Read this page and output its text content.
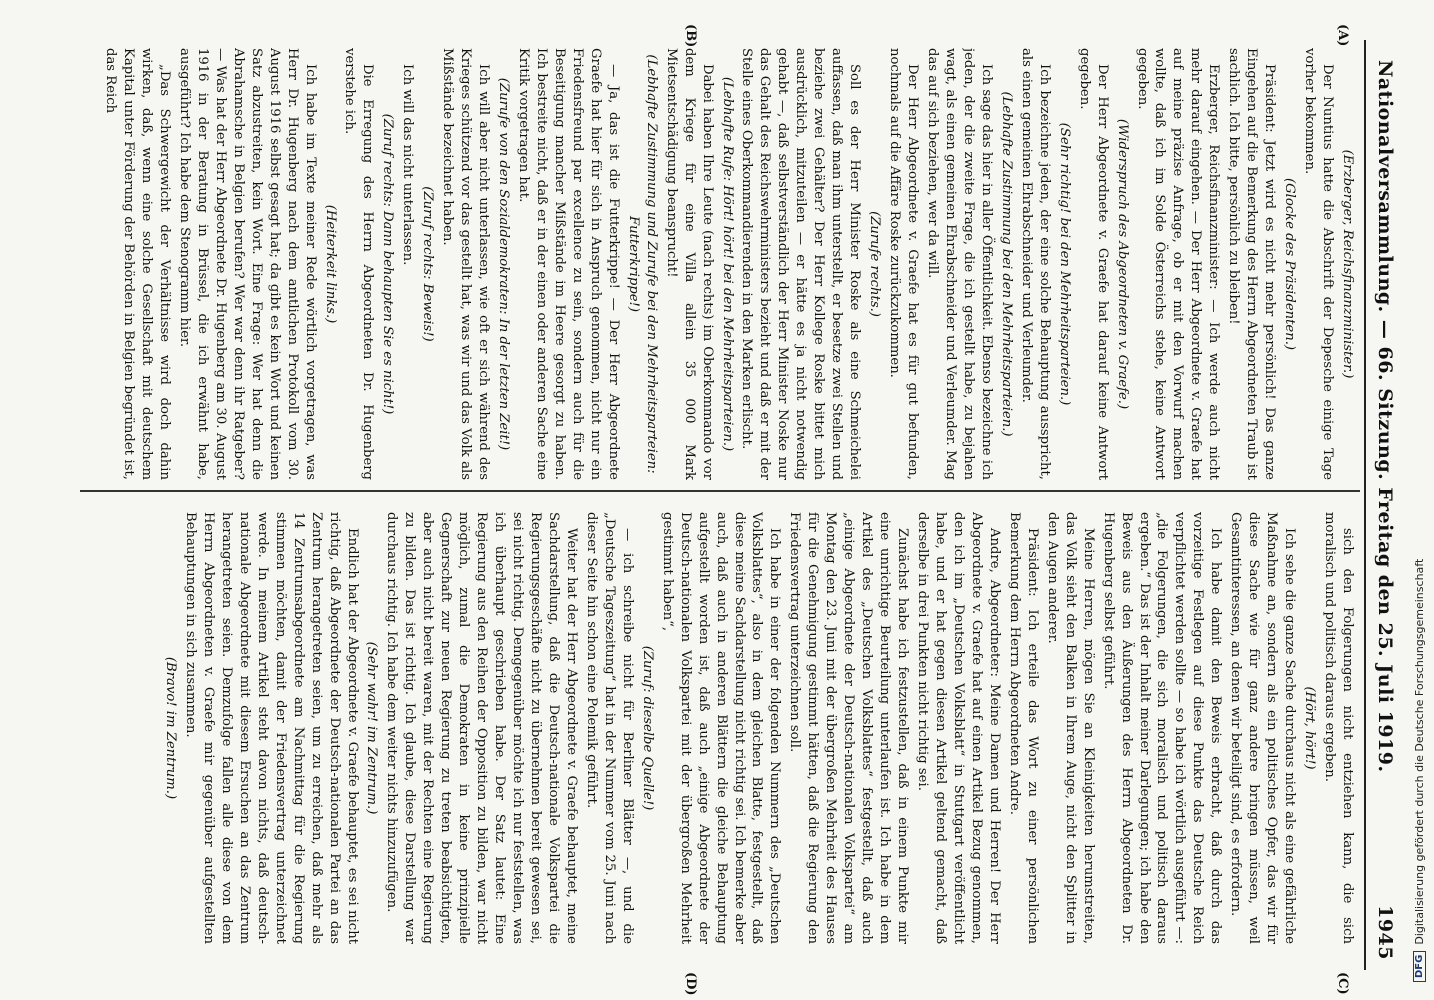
Nationalversammlung. — 66. Sitzung. Freitag den 25. Juli 1919.
1945
(A)
(B)
(C)
(D)

(Erzberger, Reichsfinanzminister.)

Der Nuntius hatte die Abschrift der Depesche einige Tage vorher bekommen.

(Glocke des Präsidenten.)

Präsident: Jetzt wird es nicht mehr persönlich! Das ganze Eingehen auf die Bemerkung des Herrn Abgeordneten Traub ist sachlich. Ich bitte, persönlich zu bleiben!

Erzberger, Reichsfinanzminister: — Ich werde auch nicht mehr darauf eingehen. — Der Herr Abgeordnete v. Graefe hat auf meine präzise Anfrage, ob er mit den Vorwurf machen wollte, daß ich im Solde Österreichs stehe, keine Antwort gegeben.

(Widerspruch des Abgeordneten v. Graefe.)

Der Herr Abgeordnete v. Graefe hat darauf keine Antwort gegeben.

(Sehr richtig! bei den Mehrheitsparteien.)

Ich bezeichne jeden, der eine solche Behauptung ausspricht, als einen gemeinen Ehrabschneider und Verleumder.

(Lebhafte Zustimmung bei den Mehrheitsparteien.)

Ich sage das hier in aller Öffentlichkeit. Ebenso bezeichne ich jeden, der die zweite Frage, die ich gestellt habe, zu bejahen wagt, als einen gemeinen Ehrabschneider und Verleumder. Mag das auf sich beziehen, wer da will.

Der Herr Abgeordnete v. Graefe hat es für gut befunden, nochmals auf die Affäre Roske zurückzukommen.

(Zurufe rechts.)

Soll es der Herr Minister Roske als eine Schmeichelei auffassen, daß man ihm unterstellt, er besetze zwei Stellen und beziehe zwei Gehälter? Der Herr Kollege Roske bittet mich ausdrücklich, mitzuteilen — er hätte es ja nicht notwendig gehabt —, daß selbstverständlich der Herr Minister Noske nur das Gehalt des Reichswehrministers bezieht und daß er mit der Stelle eines Oberkommandierenden in den Marken erlischt.

(Lebhafte Rufe: Hört! hört! bei den Mehrheitsparteien.)

Dabei haben Ihre Leute (nach rechts) im Oberkommando vor dem Kriege für eine Villa allein 35 000 Mark Mietsentschädigung beansprucht!

(Lebhafte Zustimmung und Zurufe bei den Mehrheitsparteien: Futterkrippe!)

— Ja, das ist die Futterkrippe! — Der Herr Abgeordnete Graefe hat hier für sich in Anspruch genommen, nicht nur ein Friedensfreund par excellence zu sein, sondern auch für die Beseitigung mancher Mißstände im Heere gesorgt zu haben. Ich bestreite nicht, daß er in der einen oder anderen Sache eine Kritik vorgetragen hat.

(Zurufe von den Sozialdemokraten: In der letzten Zeit!)

Ich will aber nicht unterlassen, wie oft er sich während des Krieges schützend vor das gestellt hat, was wir und das Volk als Mißstände bezeichnet haben.

(Zuruf rechts: Beweis!)

Ich will das nicht unterlassen.

(Zuruf rechts: Dann behaupten Sie es nicht!)

Die Erregung des Herrn Abgeordneten Dr. Hugenberg verstehe ich.

(Heiterkeit links.)

Ich habe im Texte meiner Rede wörtlich vorgetragen, was Herr Dr. Hugenberg nach dem amtlichen Protokoll vom 30. August 1916 selbst gesagt hat; da gibt es kein Wort und keinen Satz abzustreiten, kein Wort. Eine Frage: Wer hat denn die Abrahamsche in Belgien berufen? Wer war denn ihr Ratgeber? — Was hat der Herr Abgeordnete Dr. Hugenberg am 30. August 1916 in der Beratung in Brüssel, die ich erwähnt habe, ausgeführt? Ich habe dem Stenogramm hier.

„Das Schwergewicht der Verhältnisse wird doch dahin wirken, daß, wenn eine solche Gesellschaft mit deutschem Kapital unter Förderung der Behörden in Belgien begründet ist, das Reich

sich den Folgerungen nicht entziehen kann, die sich moralisch und politisch daraus ergeben.

(Hört, hört!)

Ich sehe die ganze Sache durchaus nicht als eine gefährliche Maßnahme an, sondern als ein politisches Opfer, das wir für diese Sache wie für ganz andere bringen müssen, weil Gesamtinteressen, an denen wir beteiligt sind, es erfordern.

Ich habe damit den Beweis erbracht, daß durch das vorzeitige Festlegen auf diese Punkte das Deutsche Reich verpflichtet werden sollte — so habe ich wörtlich ausgeführt —: „die Folgerungen, die sich moralisch und politisch daraus ergeben.“ Das ist der Inhalt meiner Darlegungen; ich habe den Beweis aus den Äußerungen des Herrn Abgeordneten Dr. Hugenberg selbst geführt.

Meine Herren, mögen Sie an Kleinigkeiten herumstreiten, das Volk sieht den Balken in Ihrem Auge, nicht den Splitter in den Augen anderer.

Präsident: Ich erteile das Wort zu einer persönlichen Bemerkung dem Herrn Abgeordneten Andre.

Andre, Abgeordneter: Meine Damen und Herren! Der Herr Abgeordnete v. Graefe hat auf einen Artikel Bezug genommen, den ich im „Deutschen Volksblatt“ in Stuttgart veröffentlicht habe, und er hat gegen diesen Artikel geltend gemacht, daß derselbe in drei Punkten nicht richtig sei.

Zunächst habe ich festzustellen, daß in einem Punkte mir eine unrichtige Beurteilung unterlaufen ist. Ich habe in dem Artikel des „Deutschen Volksblattes“ festgestellt, daß auch „einige Abgeordnete der Deutsch-nationalen Volkspartei“ am Montag den 23. Juni mit der übergroßen Mehrheit des Hauses für die Genehmigung gestimmt hätten, daß die Regierung den Friedensvertrag unterzeichnen soll.

Ich habe in einer der folgenden Nummern des „Deutschen Volksblattes“, also in dem gleichen Blatte, festgestellt, daß diese meine Sachdarstellung nicht richtig sei. Ich bemerke aber auch, daß auch in anderen Blättern die gleiche Behauptung aufgestellt worden ist, daß auch „einige Abgeordnete der Deutsch-nationalen Volkspartei mit der übergroßen Mehrheit gestimmt haben“,

(Zuruf: dieselbe Quelle!)

— ich schreibe nicht für Berliner Blätter —, und die „Deutsche Tageszeitung“ hat in der Nummer vom 25. Juni nach dieser Seite hin schon eine Polemik geführt.

Weiter hat der Herr Abgeordnete v. Graefe behauptet, meine Sachdarstellung, daß die Deutsch-nationale Volkspartei die Regierungsgeschäfte nicht zu übernehmen bereit gewesen sei, sei nicht richtig. Demgegenüber möchte ich nur feststellen, was ich überhaupt geschrieben habe. Der Satz lautet: Eine Regierung aus den Reihen der Opposition zu bilden, war nicht möglich, zumal die Demokraten in keine prinzipielle Gegnerschaft zur neuen Regierung zu treten beabsichtigten, aber auch nicht bereit waren, mit der Rechten eine Regierung zu bilden. Das ist richtig. Ich glaube, diese Darstellung war durchaus richtig. Ich habe dem weiter nichts hinzuzufügen.

(Sehr wahr! im Zentrum.)

Endlich hat der Abgeordnete v. Graefe behauptet, es sei nicht richtig, daß Abgeordnete der Deutsch-nationalen Partei an das Zentrum herangetreten seien, um zu erreichen, daß mehr als 14 Zentrumsabgeordnete am Nachmittag für die Regierung stimmen möchten, damit der Friedensvertrag unterzeichnet werde. In meinem Artikel steht davon nichts, daß deutsch-nationale Abgeordnete mit diesem Ersuchen an das Zentrum herangetreten seien. Demzufolge fallen alle diese von dem Herrn Abgeordneten v. Graefe mir gegenüber aufgestellten Behauptungen in sich zusammen.

(Bravo! im Zentrum.)

DFG
Digitalisierung gefördert durch die Deutsche Forschungsgemeinschaft
